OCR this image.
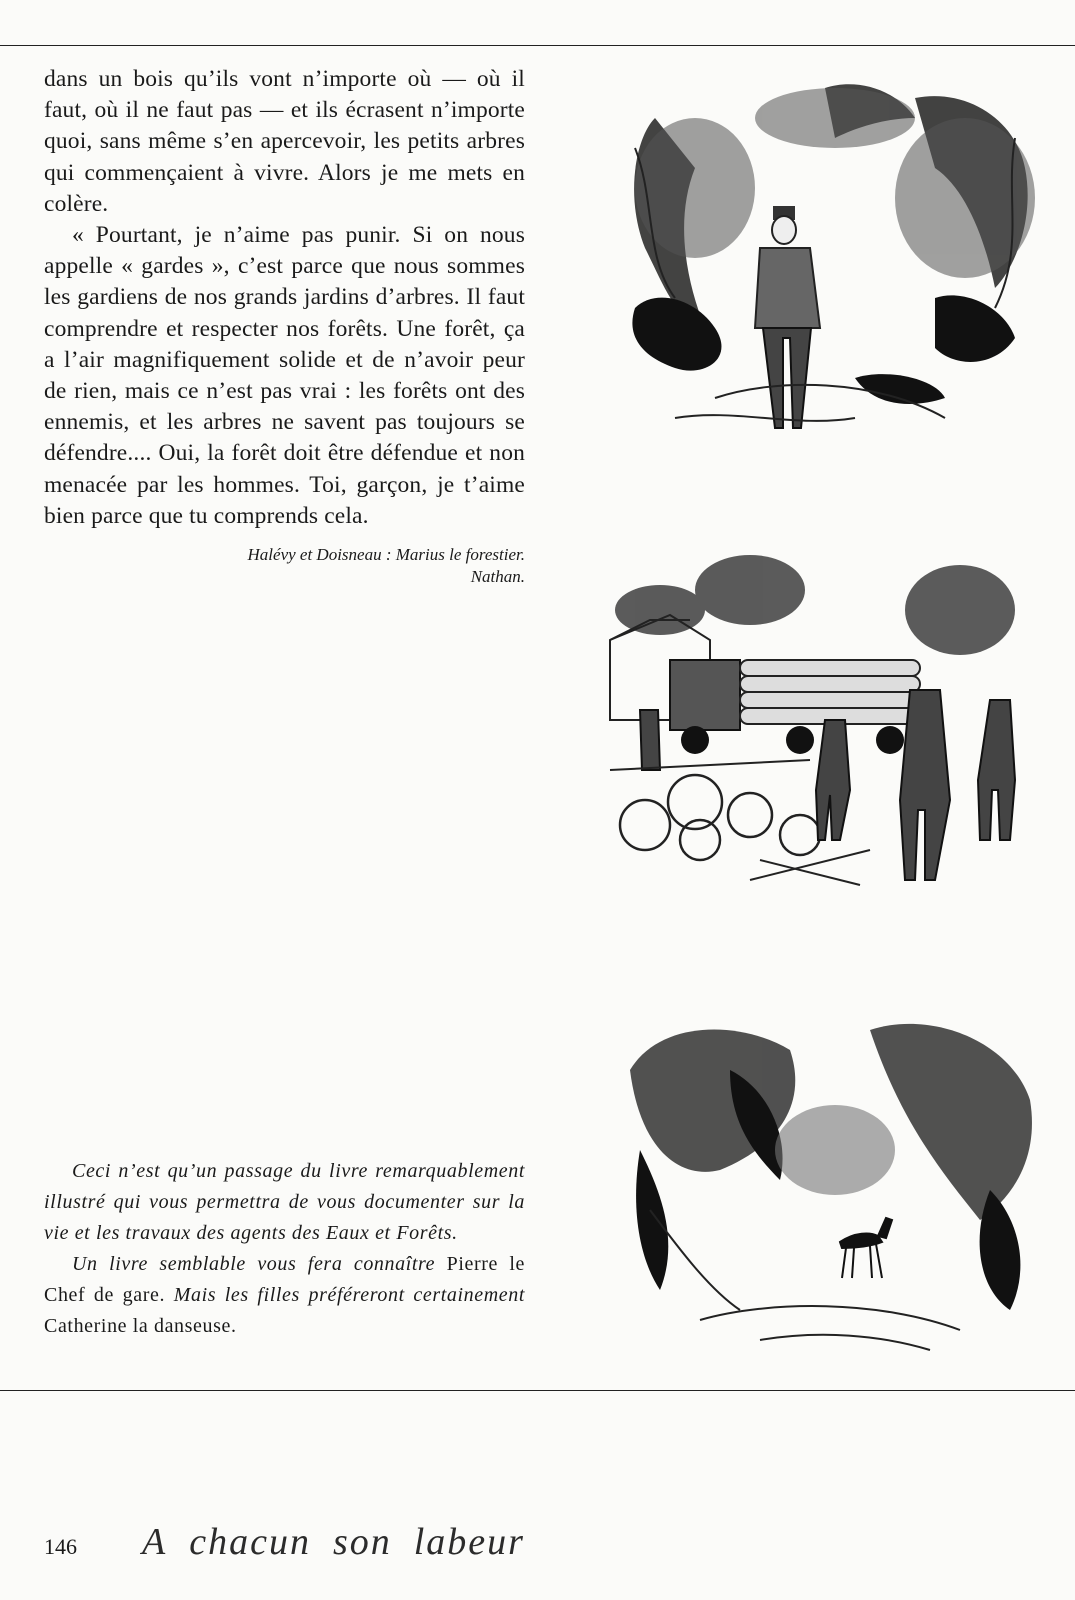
dans un bois qu’ils vont n’importe où — où il faut, où il ne faut pas — et ils écrasent n’importe quoi, sans même s’en apercevoir, les petits arbres qui commençaient à vivre. Alors je me mets en colère.

« Pourtant, je n’aime pas punir. Si on nous appelle « gardes », c’est parce que nous sommes les gardiens de nos grands jardins d’arbres. Il faut comprendre et respecter nos forêts. Une forêt, ça a l’air magnifiquement solide et de n’avoir peur de rien, mais ce n’est pas vrai : les forêts ont des ennemis, et les arbres ne savent pas toujours se défendre.... Oui, la forêt doit être défendue et non menacée par les hommes. Toi, garçon, je t’aime bien parce que tu comprends cela.

Halévy et Doisneau : Marius le forestier.
Nathan.

Ceci n’est qu’un passage du livre remarquablement illustré qui vous permettra de vous documenter sur la vie et les travaux des agents des Eaux et Forêts.

Un livre semblable vous fera connaître Pierre le Chef de gare. Mais les filles préféreront certainement Catherine la danseuse.

146 A chacun son labeur
